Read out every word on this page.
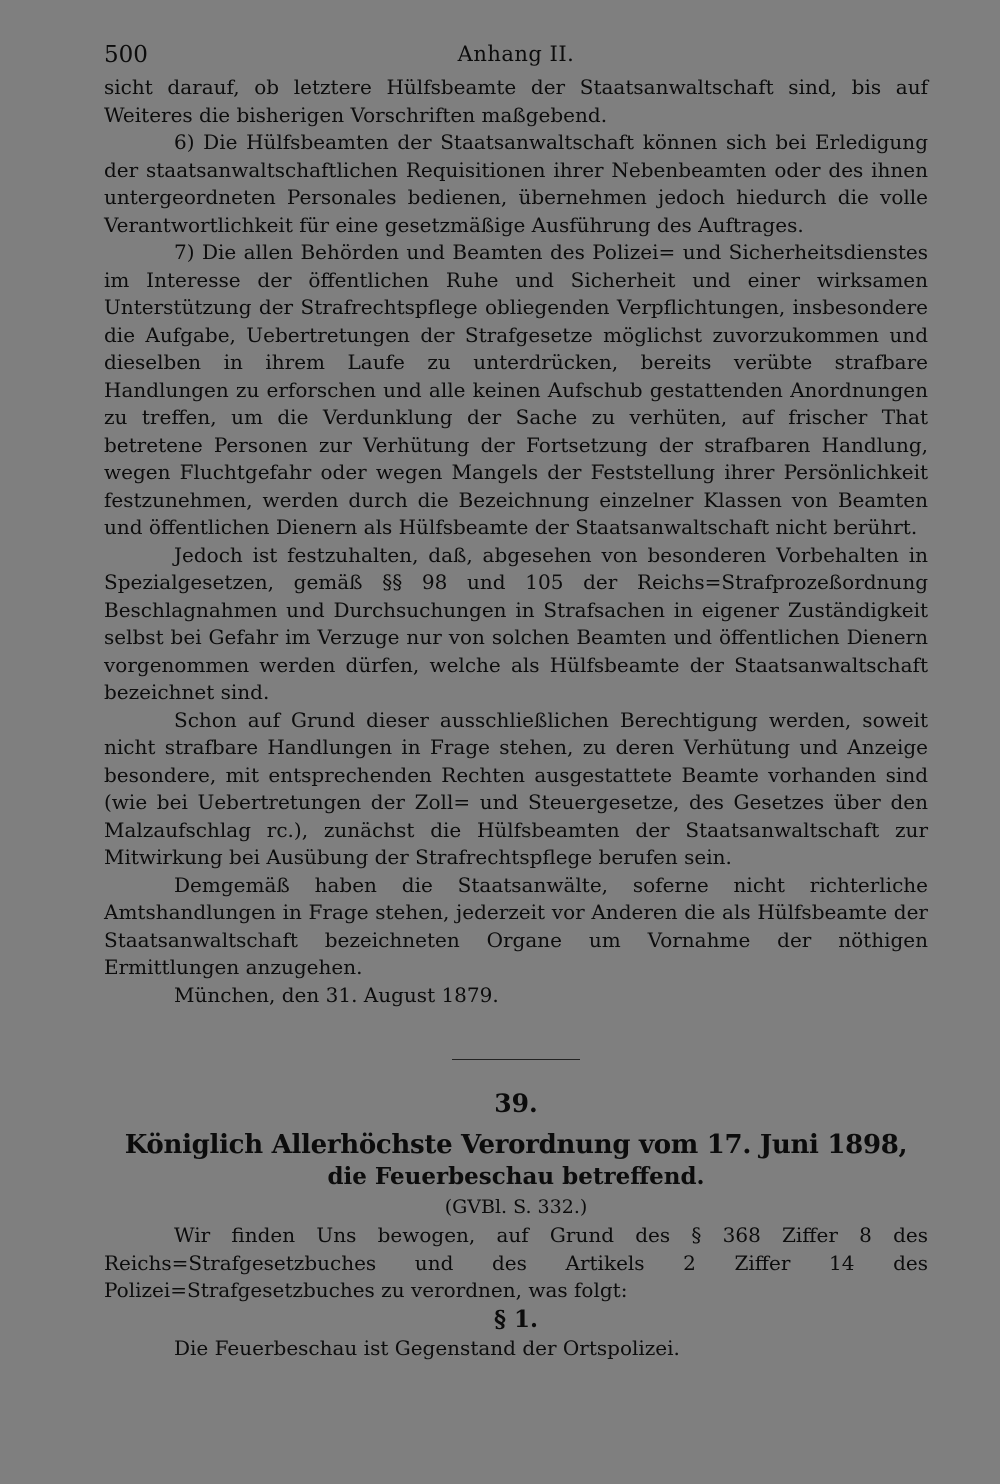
500	Anhang II.

sicht darauf, ob letztere Hülfsbeamte der Staatsanwaltschaft sind, bis auf Weiteres die bisherigen Vorschriften maßgebend.

6) Die Hülfsbeamten der Staatsanwaltschaft können sich bei Erledigung der staatsanwaltschaftlichen Requisitionen ihrer Nebenbeamten oder des ihnen untergeordneten Personales bedienen, übernehmen jedoch hiedurch die volle Verantwortlichkeit für eine gesetzmäßige Ausführung des Auftrages.

7) Die allen Behörden und Beamten des Polizei= und Sicherheitsdienstes im Interesse der öffentlichen Ruhe und Sicherheit und einer wirksamen Unterstützung der Strafrechtspflege obliegenden Verpflichtungen, insbesondere die Aufgabe, Uebertretungen der Strafgesetze möglichst zuvorzukommen und dieselben in ihrem Laufe zu unterdrücken, bereits verübte strafbare Handlungen zu erforschen und alle keinen Aufschub gestattenden Anordnungen zu treffen, um die Verdunklung der Sache zu verhüten, auf frischer That betretene Personen zur Verhütung der Fortsetzung der strafbaren Handlung, wegen Fluchtgefahr oder wegen Mangels der Feststellung ihrer Persönlichkeit festzunehmen, werden durch die Bezeichnung einzelner Klassen von Beamten und öffentlichen Dienern als Hülfsbeamte der Staatsanwaltschaft nicht berührt.

Jedoch ist festzuhalten, daß, abgesehen von besonderen Vorbehalten in Spezialgesetzen, gemäß §§ 98 und 105 der Reichs=Strafprozeßordnung Beschlagnahmen und Durchsuchungen in Strafsachen in eigener Zuständigkeit selbst bei Gefahr im Verzuge nur von solchen Beamten und öffentlichen Dienern vorgenommen werden dürfen, welche als Hülfsbeamte der Staatsanwaltschaft bezeichnet sind.

Schon auf Grund dieser ausschließlichen Berechtigung werden, soweit nicht strafbare Handlungen in Frage stehen, zu deren Verhütung und Anzeige besondere, mit entsprechenden Rechten ausgestattete Beamte vorhanden sind (wie bei Uebertretungen der Zoll= und Steuergesetze, des Gesetzes über den Malzaufschlag rc.), zunächst die Hülfsbeamten der Staatsanwaltschaft zur Mitwirkung bei Ausübung der Strafrechtspflege berufen sein.

Demgemäß haben die Staatsanwälte, soferne nicht richterliche Amtshandlungen in Frage stehen, jederzeit vor Anderen die als Hülfsbeamte der Staatsanwaltschaft bezeichneten Organe um Vornahme der nöthigen Ermittlungen anzugehen.

München, den 31. August 1879.

39.
Königlich Allerhöchste Verordnung vom 17. Juni 1898,
die Feuerbeschau betreffend.
(GVBl. S. 332.)

Wir finden Uns bewogen, auf Grund des § 368 Ziffer 8 des Reichs=Strafgesetzbuches und des Artikels 2 Ziffer 14 des Polizei=Strafgesetzbuches zu verordnen, was folgt:

§ 1.

Die Feuerbeschau ist Gegenstand der Ortspolizei.
